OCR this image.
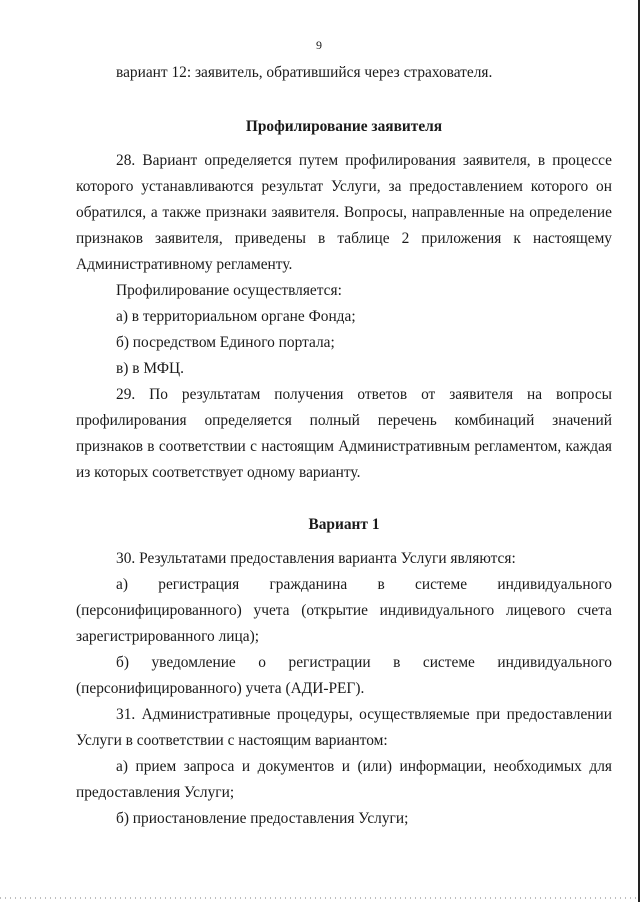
9

вариант 12: заявитель, обратившийся через страхователя.

Профилирование заявителя

28. Вариант определяется путем профилирования заявителя, в процессе которого устанавливаются результат Услуги, за предоставлением которого он обратился, а также признаки заявителя. Вопросы, направленные на определение признаков заявителя, приведены в таблице 2 приложения к настоящему Административному регламенту.

Профилирование осуществляется:

а) в территориальном органе Фонда;

б) посредством Единого портала;

в) в МФЦ.

29. По результатам получения ответов от заявителя на вопросы профилирования определяется полный перечень комбинаций значений признаков в соответствии с настоящим Административным регламентом, каждая из которых соответствует одному варианту.

Вариант 1

30. Результатами предоставления варианта Услуги являются:

а) регистрация гражданина в системе индивидуального (персонифицированного) учета (открытие индивидуального лицевого счета зарегистрированного лица);

б) уведомление о регистрации в системе индивидуального (персонифицированного) учета (АДИ-РЕГ).

31. Административные процедуры, осуществляемые при предоставлении Услуги в соответствии с настоящим вариантом:

а) прием запроса и документов и (или) информации, необходимых для предоставления Услуги;

б) приостановление предоставления Услуги;
